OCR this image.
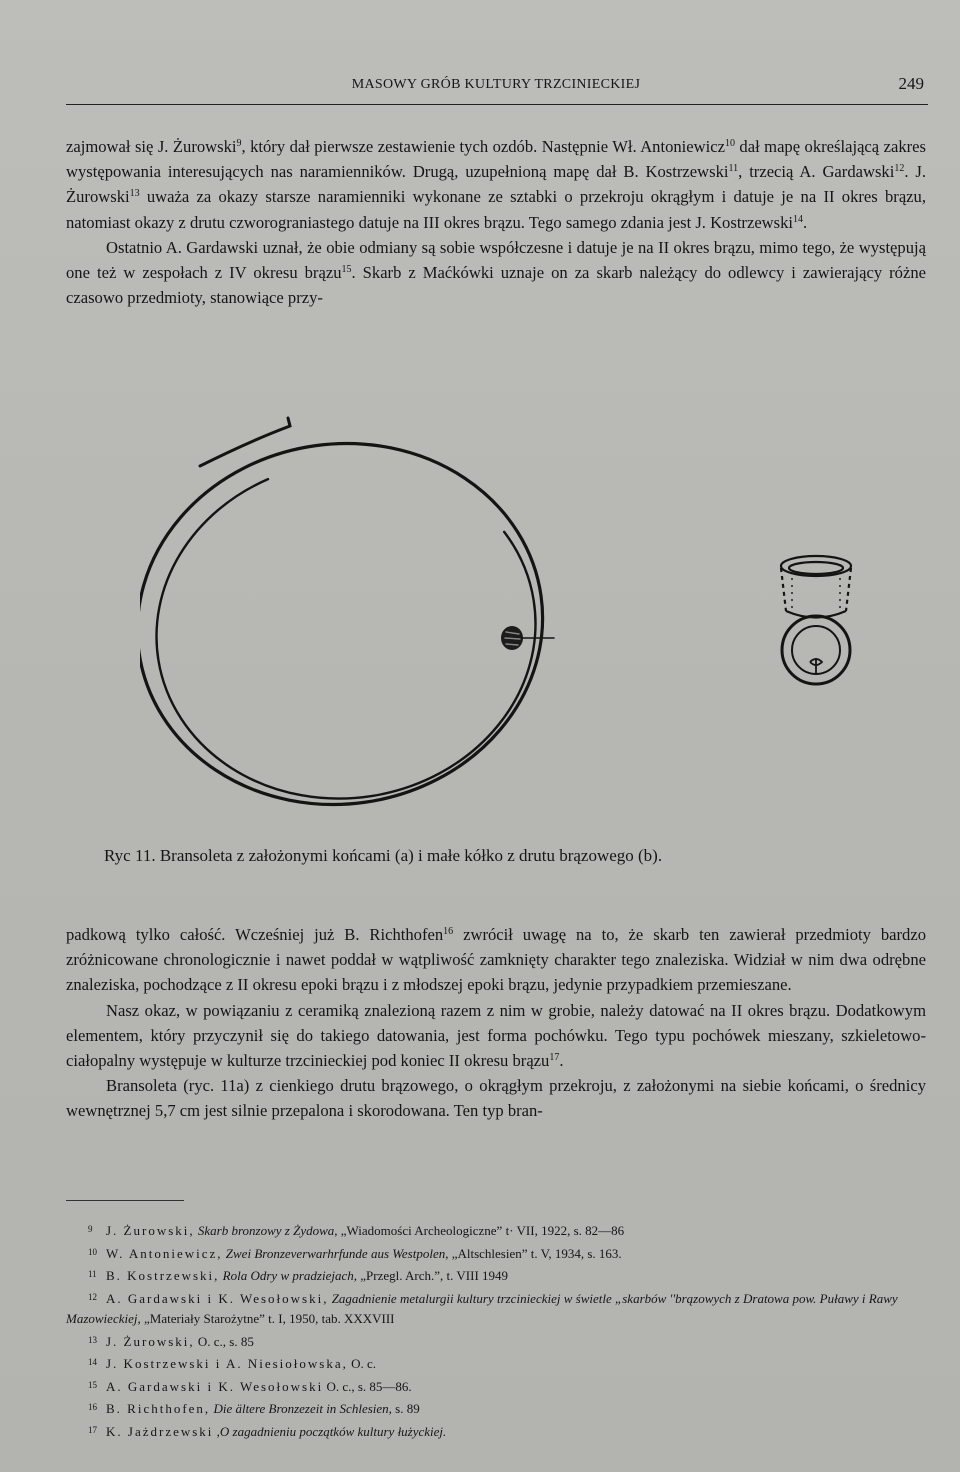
MASOWY GRÓB KULTURY TRZCINIECKIEJ	249

zajmował się J. Żurowski$^9$, który dał pierwsze zestawienie tych ozdób. Następnie Wł. Antoniewicz$^{10}$ dał mapę określającą zakres występowania interesujących nas naramienników. Drugą, uzupełnioną mapę dał B. Kostrzewski$^{11}$, trzecią A. Gardawski$^{12}$. J. Żurowski$^{13}$ uważa za okazy starsze naramienniki wykonane ze sztabki o przekroju okrągłym i datuje je na II okres brązu, natomiast okazy z drutu czworograniastego datuje na III okres brązu. Tego samego zdania jest J. Kostrzewski$^{14}$.

Ostatnio A. Gardawski uznał, że obie odmiany są sobie współczesne i datuje je na II okres brązu, mimo tego, że występują one też w zespołach z IV okresu brązu$^{15}$. Skarb z Maćkówki uznaje on za skarb należący do odlewcy i zawierający różne czasowo przedmioty, stanowiące przy-

Ryc 11. Bransoleta z założonymi końcami (a) i małe kółko z drutu brązowego (b).

padkową tylko całość. Wcześniej już B. Richthofen$^{16}$ zwrócił uwagę na to, że skarb ten zawierał przedmioty bardzo zróżnicowane chronologicznie i nawet poddał w wątpliwość zamknięty charakter tego znaleziska. Widział w nim dwa odrębne znaleziska, pochodzące z II okresu epoki brązu i z młodszej epoki brązu, jedynie przypadkiem przemieszane.

Nasz okaz, w powiązaniu z ceramiką znalezioną razem z nim w grobie, należy datować na II okres brązu. Dodatkowym elementem, który przyczynił się do takiego datowania, jest forma pochówku. Tego typu pochówek mieszany, szkieletowo-ciałopalny występuje w kulturze trzcinieckiej pod koniec II okresu brązu$^{17}$.

Bransoleta (ryc. 11a) z cienkiego drutu brązowego, o okrągłym przekroju, z założonymi na siebie końcami, o średnicy wewnętrznej 5,7 cm jest silnie przepalona i skorodowana. Ten typ bran-

9 J. Żurowski, Skarb bronzowy z Żydowa, „Wiadomości Archeologiczne” t· VII, 1922, s. 82—86
10 W. Antoniewicz, Zwei Bronzeverwarhrfunde aus Westpolen, „Altschlesien” t. V, 1934, s. 163.
11 B. Kostrzewski, Rola Odry w pradziejach, „Przegl. Arch.”, t. VIII 1949
12 A. Gardawski i K. Wesołowski, Zagadnienie metalurgii kultury trzcinieckiej w świetle „skarbów ''brązowych z Dratowa pow. Puławy i Rawy Mazowieckiej, „Materiały Starożytne” t. I, 1950, tab. XXXVIII
13 J. Żurowski, O. c., s. 85
14 J. Kostrzewski i A. Niesiołowska, O. c.
15 A. Gardawski i K. Wesołowski O. c., s. 85—86.
16 B. Richthofen, Die ältere Bronzezeit in Schlesien, s. 89
17 K. Jażdrzewski ,O zagadnieniu początków kultury łużyckiej.
